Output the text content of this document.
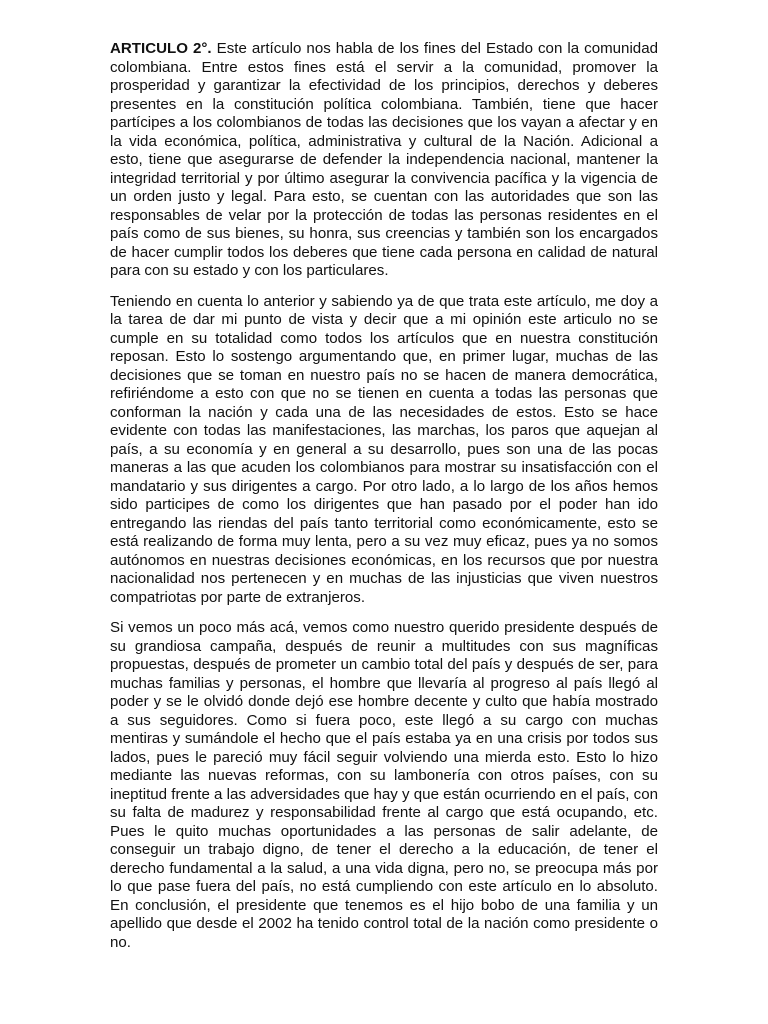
ARTICULO 2°. Este artículo nos habla de los fines del Estado con la comunidad colombiana. Entre estos fines está el servir a la comunidad, promover la prosperidad y garantizar la efectividad de los principios, derechos y deberes presentes en la constitución política colombiana. También, tiene que hacer partícipes a los colombianos de todas las decisiones que los vayan a afectar y en la vida económica, política, administrativa y cultural de la Nación. Adicional a esto, tiene que asegurarse de defender la independencia nacional, mantener la integridad territorial y por último asegurar la convivencia pacífica y la vigencia de un orden justo y legal. Para esto, se cuentan con las autoridades que son las responsables de velar por la protección de todas las personas residentes en el país como de sus bienes, su honra, sus creencias y también son los encargados de hacer cumplir todos los deberes que tiene cada persona en calidad de natural para con su estado y con los particulares.

Teniendo en cuenta lo anterior y sabiendo ya de que trata este artículo, me doy a la tarea de dar mi punto de vista y decir que a mi opinión este articulo no se cumple en su totalidad como todos los artículos que en nuestra constitución reposan. Esto lo sostengo argumentando que, en primer lugar, muchas de las decisiones que se toman en nuestro país no se hacen de manera democrática, refiriéndome a esto con que no se tienen en cuenta a todas las personas que conforman la nación y cada una de las necesidades de estos. Esto se hace evidente con todas las manifestaciones, las marchas, los paros que aquejan al país, a su economía y en general a su desarrollo, pues son una de las pocas maneras a las que acuden los colombianos para mostrar su insatisfacción con el mandatario y sus dirigentes a cargo. Por otro lado, a lo largo de los años hemos sido participes de como los dirigentes que han pasado por el poder han ido entregando las riendas del país tanto territorial como económicamente, esto se está realizando de forma muy lenta, pero a su vez muy eficaz, pues ya no somos autónomos en nuestras decisiones económicas, en los recursos que por nuestra nacionalidad nos pertenecen y en muchas de las injusticias que viven nuestros compatriotas por parte de extranjeros.

Si vemos un poco más acá, vemos como nuestro querido presidente después de su grandiosa campaña, después de reunir a multitudes con sus magníficas propuestas, después de prometer un cambio total del país y después de ser, para muchas familias y personas, el hombre que llevaría al progreso al país llegó al poder y se le olvidó donde dejó ese hombre decente y culto que había mostrado a sus seguidores. Como si fuera poco, este llegó a su cargo con muchas mentiras y sumándole el hecho que el país estaba ya en una crisis por todos sus lados, pues le pareció muy fácil seguir volviendo una mierda esto. Esto lo hizo mediante las nuevas reformas, con su lambonería con otros países, con su ineptitud frente a las adversidades que hay y que están ocurriendo en el país, con su falta de madurez y responsabilidad frente al cargo que está ocupando, etc. Pues le quito muchas oportunidades a las personas de salir adelante, de conseguir un trabajo digno, de tener el derecho a la educación, de tener el derecho fundamental a la salud, a una vida digna, pero no, se preocupa más por lo que pase fuera del país, no está cumpliendo con este artículo en lo absoluto. En conclusión, el presidente que tenemos es el hijo bobo de una familia y un apellido que desde el 2002 ha tenido control total de la nación como presidente o no.
